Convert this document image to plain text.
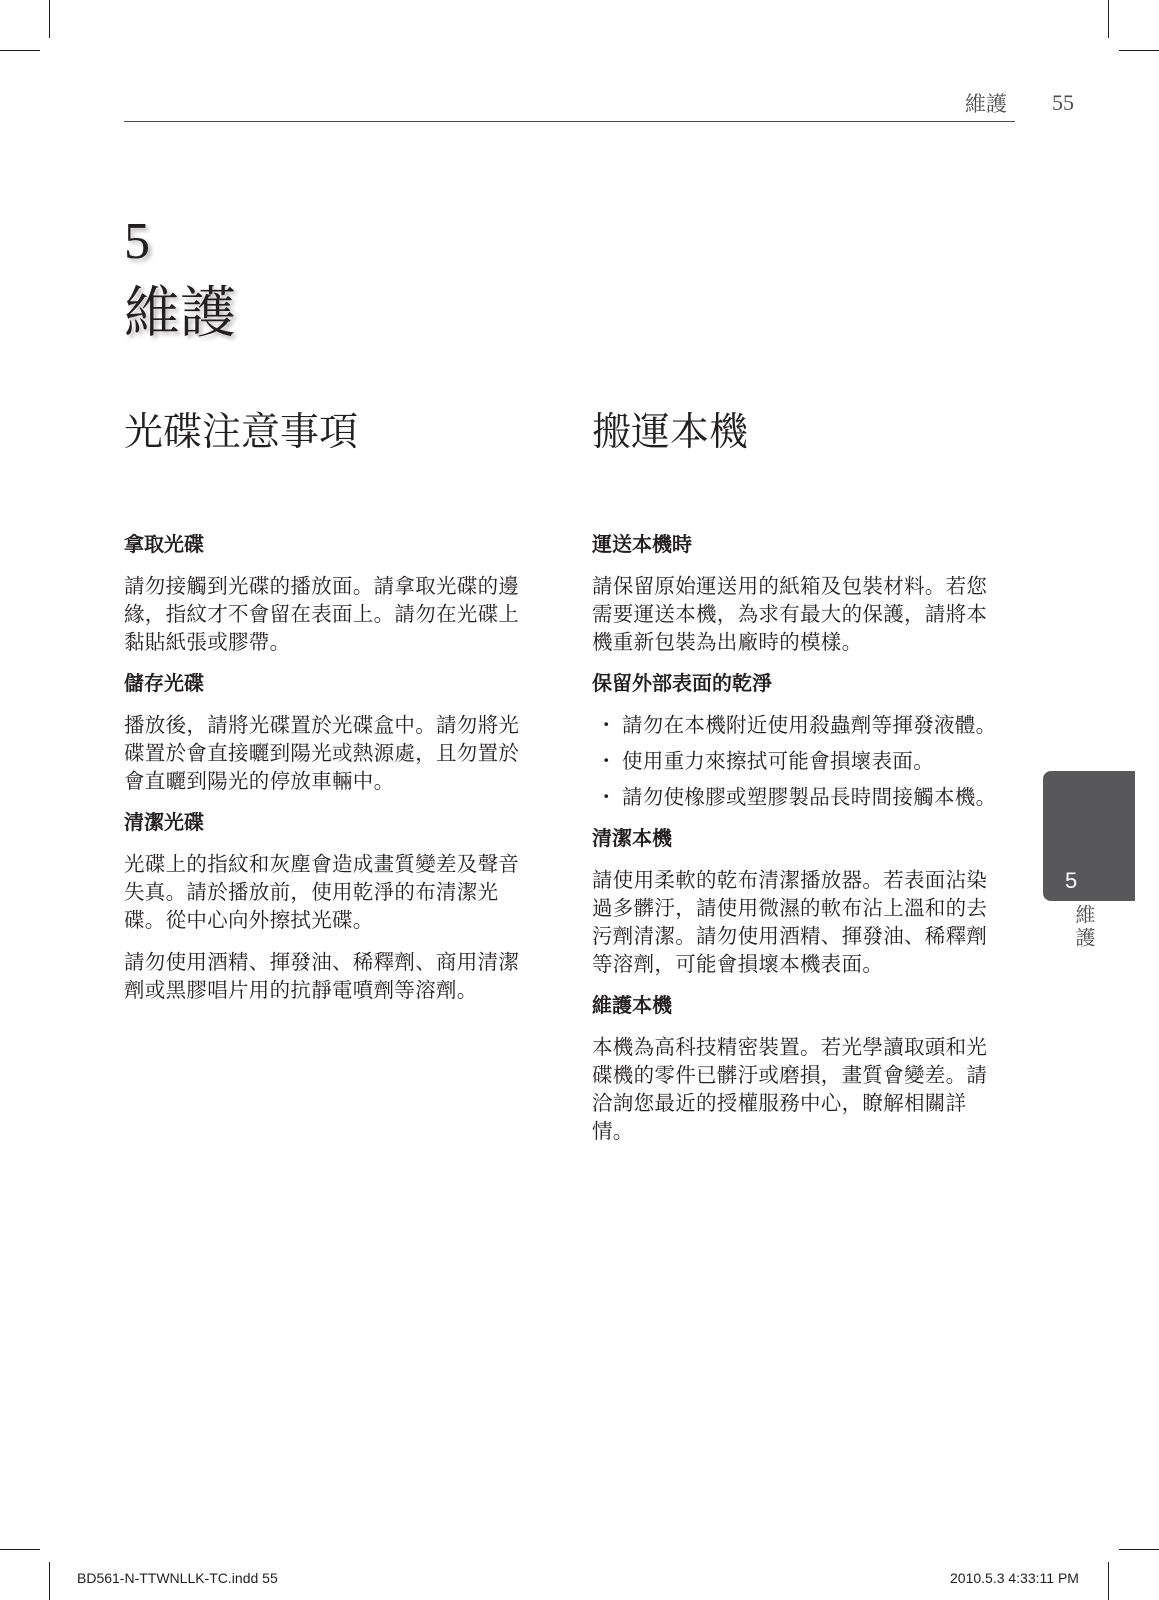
維護 55
5
維護
光碟注意事項
拿取光碟

請勿接觸到光碟的播放面。請拿取光碟的邊緣，指紋才不會留在表面上。請勿在光碟上黏貼紙張或膠帶。

儲存光碟

播放後，請將光碟置於光碟盒中。請勿將光碟置於會直接曬到陽光或熱源處，且勿置於會直曬到陽光的停放車輛中。

清潔光碟

光碟上的指紋和灰塵會造成畫質變差及聲音失真。請於播放前，使用乾淨的布清潔光碟。從中心向外擦拭光碟。

請勿使用酒精、揮發油、稀釋劑、商用清潔劑或黑膠唱片用的抗靜電噴劑等溶劑。

搬運本機
運送本機時

請保留原始運送用的紙箱及包裝材料。若您需要運送本機，為求有最大的保護，請將本機重新包裝為出廠時的模樣。

保留外部表面的乾淨
・ 請勿在本機附近使用殺蟲劑等揮發液體。
・ 使用重力來擦拭可能會損壞表面。
・ 請勿使橡膠或塑膠製品長時間接觸本機。
清潔本機

請使用柔軟的乾布清潔播放器。若表面沾染過多髒汙，請使用微濕的軟布沾上溫和的去污劑清潔。請勿使用酒精、揮發油、稀釋劑等溶劑，可能會損壞本機表面。

維護本機

本機為高科技精密裝置。若光學讀取頭和光碟機的零件已髒汙或磨損，畫質會變差。請洽詢您最近的授權服務中心，瞭解相關詳情。

5
維護
BD561-N-TTWNLLK-TC.indd 55	2010.5.3 4:33:11 PM
